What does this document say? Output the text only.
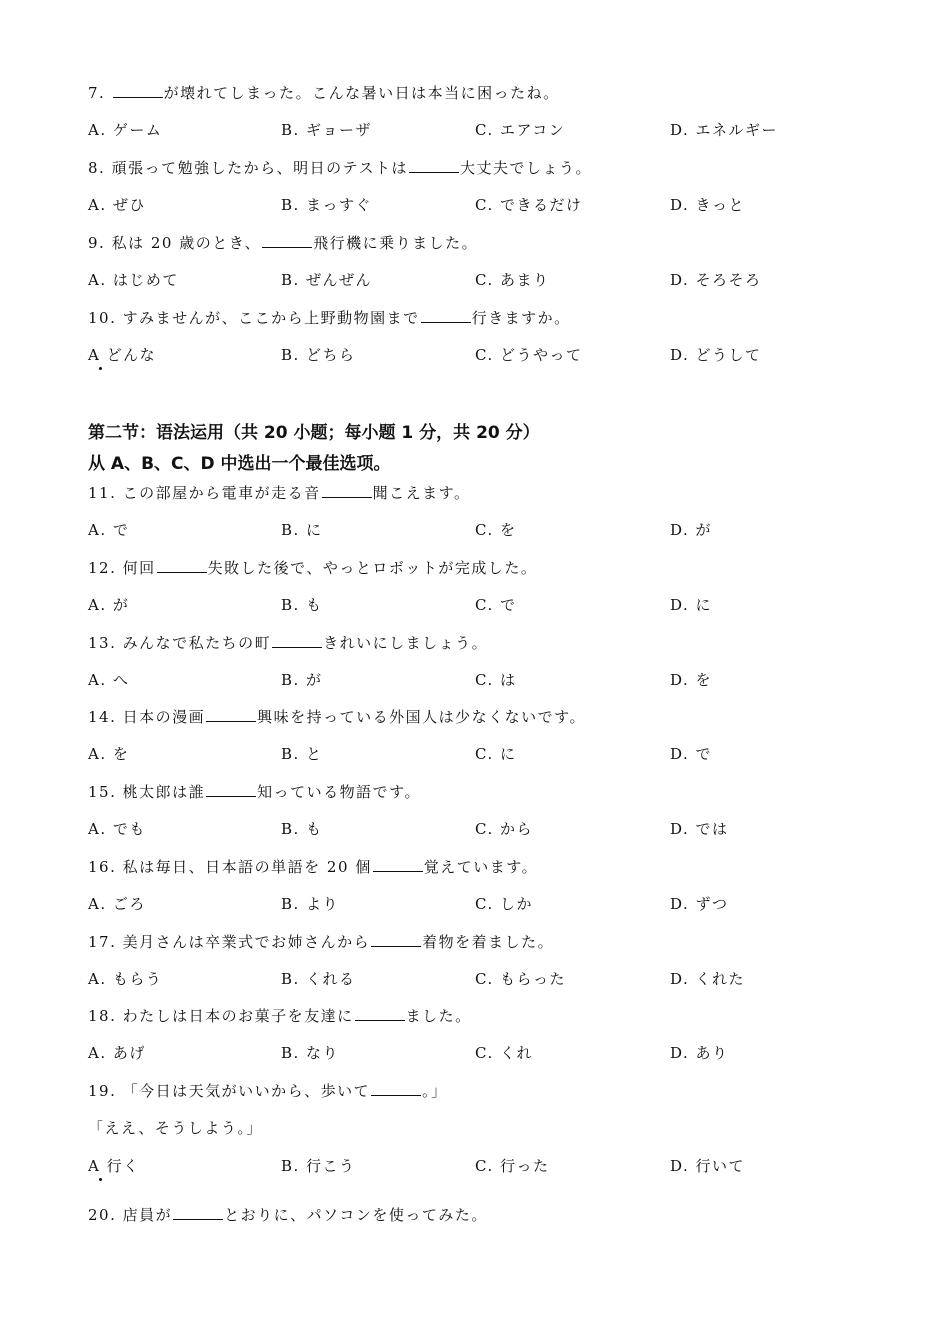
7.	が壊れてしまった。こんな暑い日は本当に困ったね。
A. ゲーム	B. ギョーザ	C. エアコン	D. エネルギー
8. 頑張って勉強したから、明日のテストは	大丈夫でしょう。
A. ぜひ	B. まっすぐ	C. できるだけ	D. きっと
9. 私は 20 歳のとき、	飛行機に乗りました。
A. はじめて	B. ぜんぜん	C. あまり	D. そろそろ
10. すみませんが、ここから上野動物園まで	行きますか。
A どんな	B. どちら	C. どうやって	D. どうして
第二节：语法运用（共 20 小题；每小题 1 分，共 20 分）
从 A、B、C、D 中选出一个最佳选项。
11. この部屋から電車が走る音	聞こえます。
A. で	B. に	C. を	D. が
12. 何回	失敗した後で、やっとロボットが完成した。
A. が	B. も	C. で	D. に
13. みんなで私たちの町	きれいにしましょう。
A. へ	B. が	C. は	D. を
14. 日本の漫画	興味を持っている外国人は少なくないです。
A. を	B. と	C. に	D. で
15. 桃太郎は誰	知っている物語です。
A. でも	B. も	C. から	D. では
16. 私は毎日、日本語の単語を 20 個	覚えています。
A. ごろ	B. より	C. しか	D. ずつ
17. 美月さんは卒業式でお姉さんから	着物を着ました。
A. もらう	B. くれる	C. もらった	D. くれた
18. わたしは日本のお菓子を友達に	ました。
A. あげ	B. なり	C. くれ	D. あり
19. 「今日は天気がいいから、歩いて	。」
「ええ、そうしよう。」
A 行く	B. 行こう	C. 行った	D. 行いて
20. 店員が	とおりに、パソコンを使ってみた。
